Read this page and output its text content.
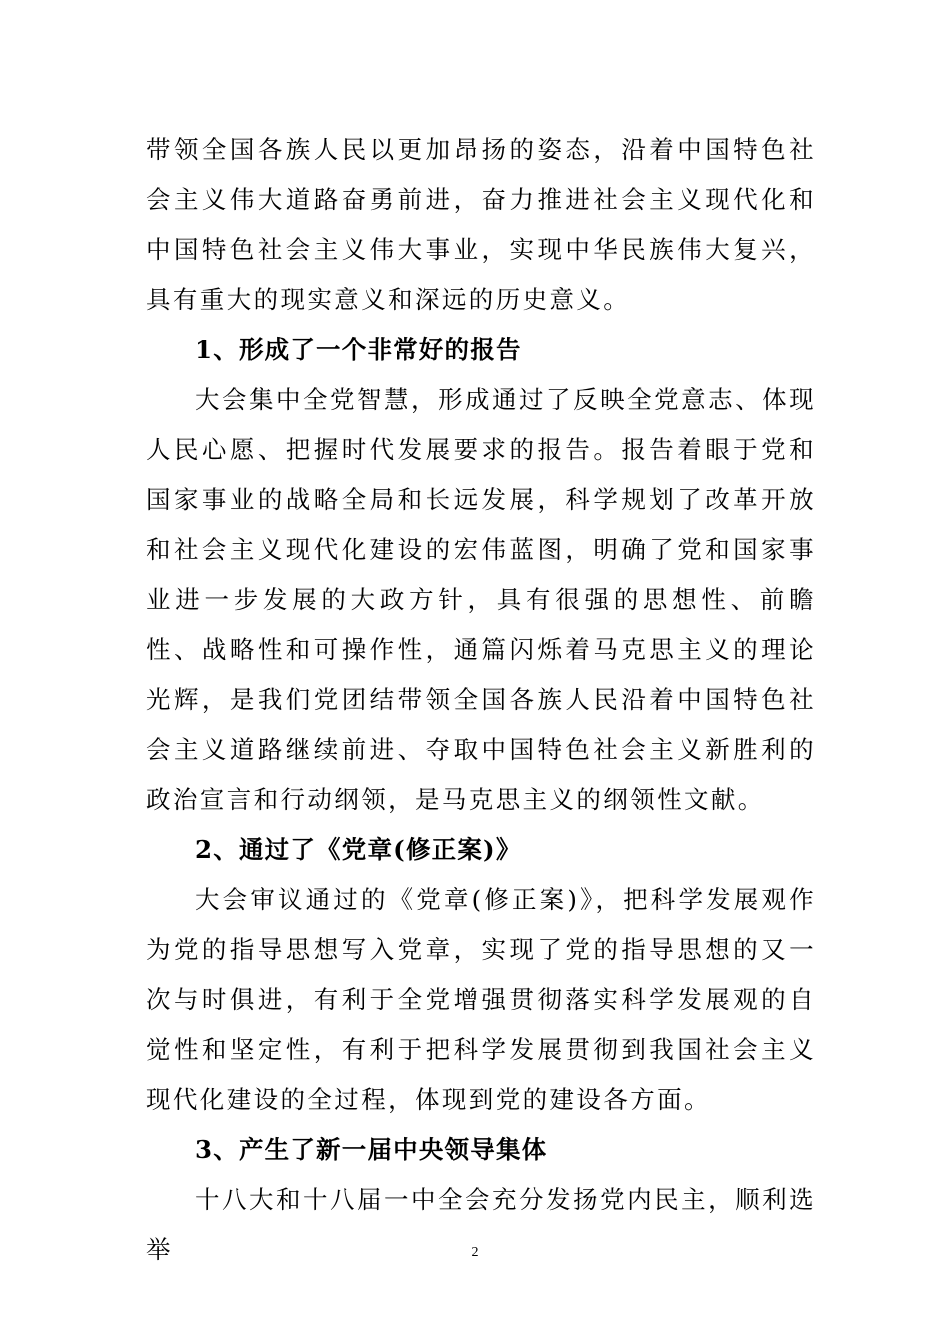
带领全国各族人民以更加昂扬的姿态，沿着中国特色社会主义伟大道路奋勇前进，奋力推进社会主义现代化和中国特色社会主义伟大事业，实现中华民族伟大复兴，具有重大的现实意义和深远的历史意义。

1、形成了一个非常好的报告

大会集中全党智慧，形成通过了反映全党意志、体现人民心愿、把握时代发展要求的报告。报告着眼于党和国家事业的战略全局和长远发展，科学规划了改革开放和社会主义现代化建设的宏伟蓝图，明确了党和国家事业进一步发展的大政方针，具有很强的思想性、前瞻性、战略性和可操作性，通篇闪烁着马克思主义的理论光辉，是我们党团结带领全国各族人民沿着中国特色社会主义道路继续前进、夺取中国特色社会主义新胜利的政治宣言和行动纲领，是马克思主义的纲领性文献。

2、通过了《党章(修正案)》

大会审议通过的《党章(修正案)》，把科学发展观作为党的指导思想写入党章，实现了党的指导思想的又一次与时俱进，有利于全党增强贯彻落实科学发展观的自觉性和坚定性，有利于把科学发展贯彻到我国社会主义现代化建设的全过程，体现到党的建设各方面。

3、产生了新一届中央领导集体

十八大和十八届一中全会充分发扬党内民主，顺利选举	2
